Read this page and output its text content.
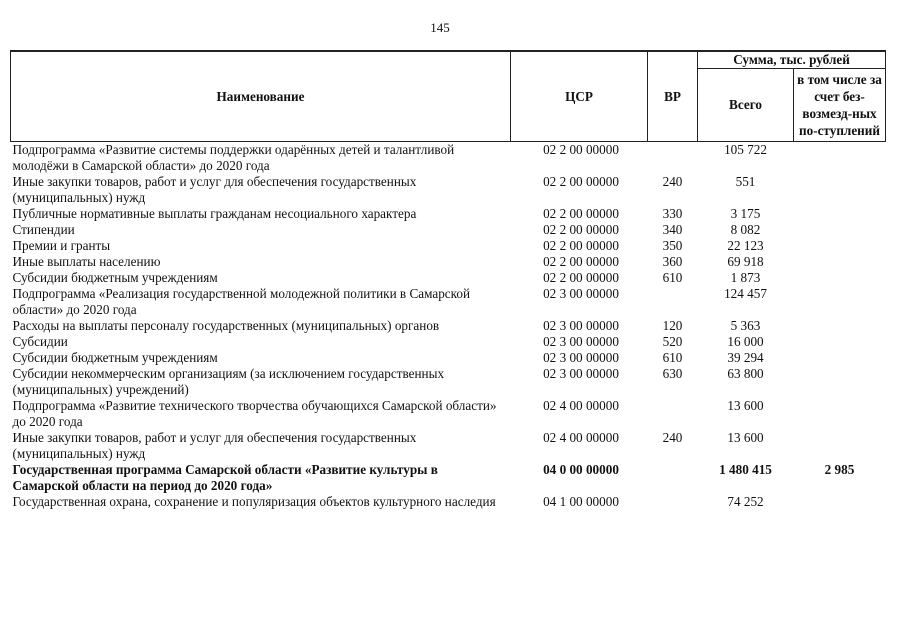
145
Наименование	ЦСР	ВР	Сумма, тыс. рублей	
			Всего	в том числе за счет без-возмезд-ных по-ступлений
Подпрограмма «Развитие системы поддержки одарённых детей и талантливой молодёжи в Самарской области» до 2020 года	02 2 00 00000		105 722	
Иные закупки товаров, работ и услуг для обеспечения государственных (муниципальных) нужд	02 2 00 00000	240	551	
Публичные нормативные выплаты гражданам несоциального характера	02 2 00 00000	330	3 175	
Стипендии	02 2 00 00000	340	8 082	
Премии и гранты	02 2 00 00000	350	22 123	
Иные выплаты населению	02 2 00 00000	360	69 918	
Субсидии бюджетным учреждениям	02 2 00 00000	610	1 873	
Подпрограмма «Реализация государственной молодежной политики в Самарской области» до 2020 года	02 3 00 00000		124 457	
Расходы на выплаты персоналу государственных (муниципальных) органов	02 3 00 00000	120	5 363	
Субсидии	02 3 00 00000	520	16 000	
Субсидии бюджетным учреждениям	02 3 00 00000	610	39 294	
Субсидии некоммерческим организациям (за исключением государственных (муниципальных) учреждений)	02 3 00 00000	630	63 800	
Подпрограмма «Развитие технического творчества обучающихся Самарской области» до 2020 года	02 4 00 00000		13 600	
Иные закупки товаров, работ и услуг для обеспечения государственных (муниципальных) нужд	02 4 00 00000	240	13 600	
Государственная программа Самарской области «Развитие культуры в Самарской области на период до 2020 года»	04 0 00 00000		1 480 415	2 985
Государственная охрана, сохранение и популяризация объектов культурного наследия	04 1 00 00000		74 252	
